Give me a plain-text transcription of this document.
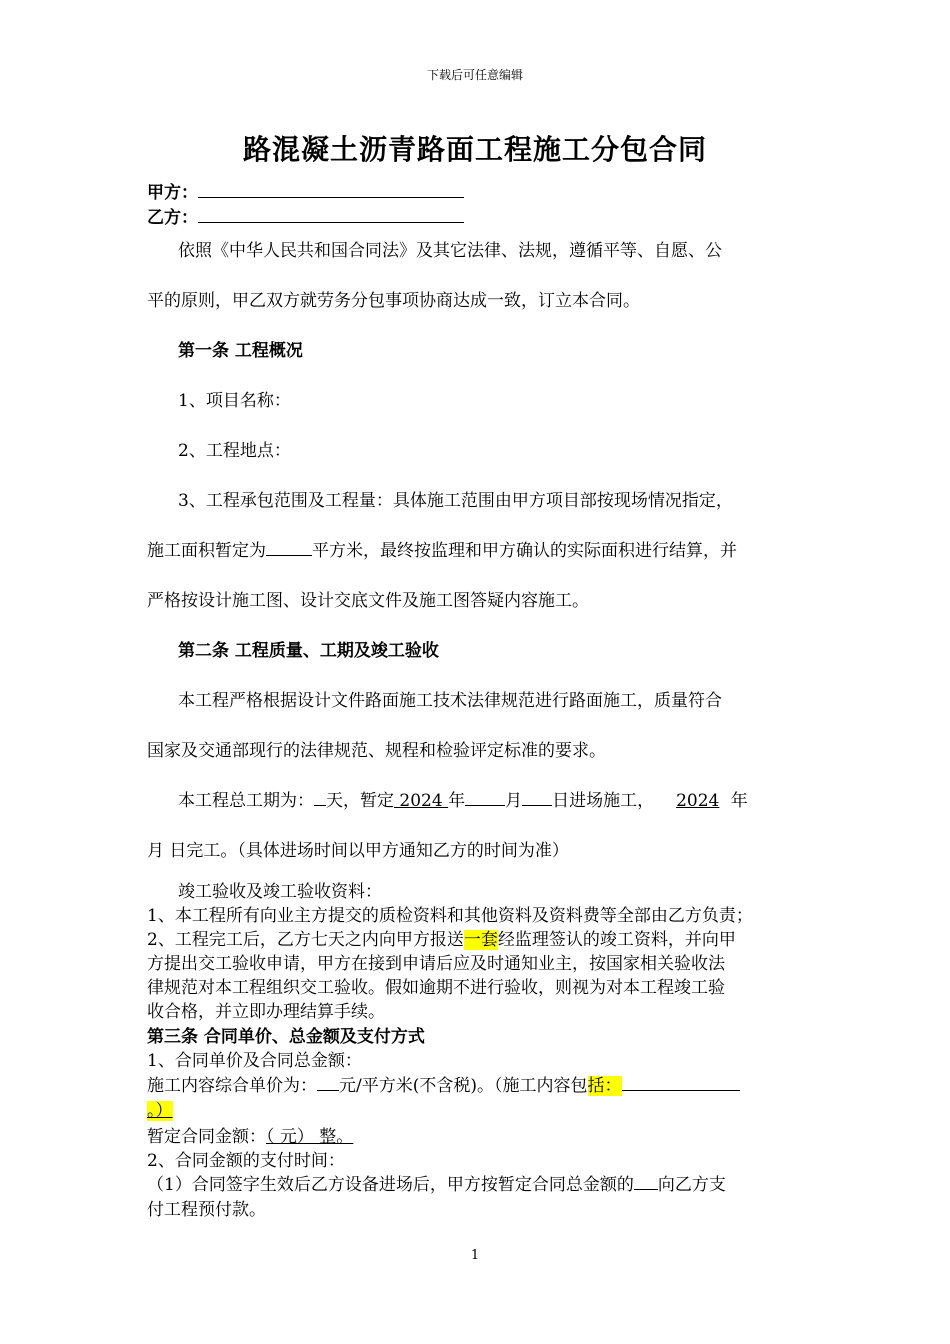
下载后可任意编辑
路混凝土沥青路面工程施工分包合同
甲方：
乙方：
依照《中华人民共和国合同法》及其它法律、法规，遵循平等、自愿、公
平的原则，甲乙双方就劳务分包事项协商达成一致，订立本合同。
第一条 工程概况
1、项目名称：
2、工程地点：
3、工程承包范围及工程量：具体施工范围由甲方项目部按现场情况指定，
施工面积暂定为	平方米，最终按监理和甲方确认的实际面积进行结算，并
严格按设计施工图、设计交底文件及施工图答疑内容施工。
第二条 工程质量、工期及竣工验收
本工程严格根据设计文件路面施工技术法律规范进行路面施工，质量符合
国家及交通部现行的法律规范、规程和检验评定标准的要求。
本工程总工期为： 天，暂定 2024 年 月 日进场施工， 2024 年
月 日完工。（具体进场时间以甲方通知乙方的时间为准）
竣工验收及竣工验收资料：
1、本工程所有向业主方提交的质检资料和其他资料及资料费等全部由乙方负责；
2、工程完工后，乙方七天之内向甲方报送一套经监理签认的竣工资料，并向甲
方提出交工验收申请，甲方在接到申请后应及时通知业主，按国家相关验收法
律规范对本工程组织交工验收。假如逾期不进行验收，则视为对本工程竣工验
收合格，并立即办理结算手续。
第三条 合同单价、总金额及支付方式
1、合同单价及合同总金额：
施工内容综合单价为： 元/平方米(不含税)。（施工内容包括：
。）
暂定合同金额：（ 元） 整。
2、合同金额的支付时间：
（1）合同签字生效后乙方设备进场后，甲方按暂定合同总金额的 向乙方支
付工程预付款。
1
